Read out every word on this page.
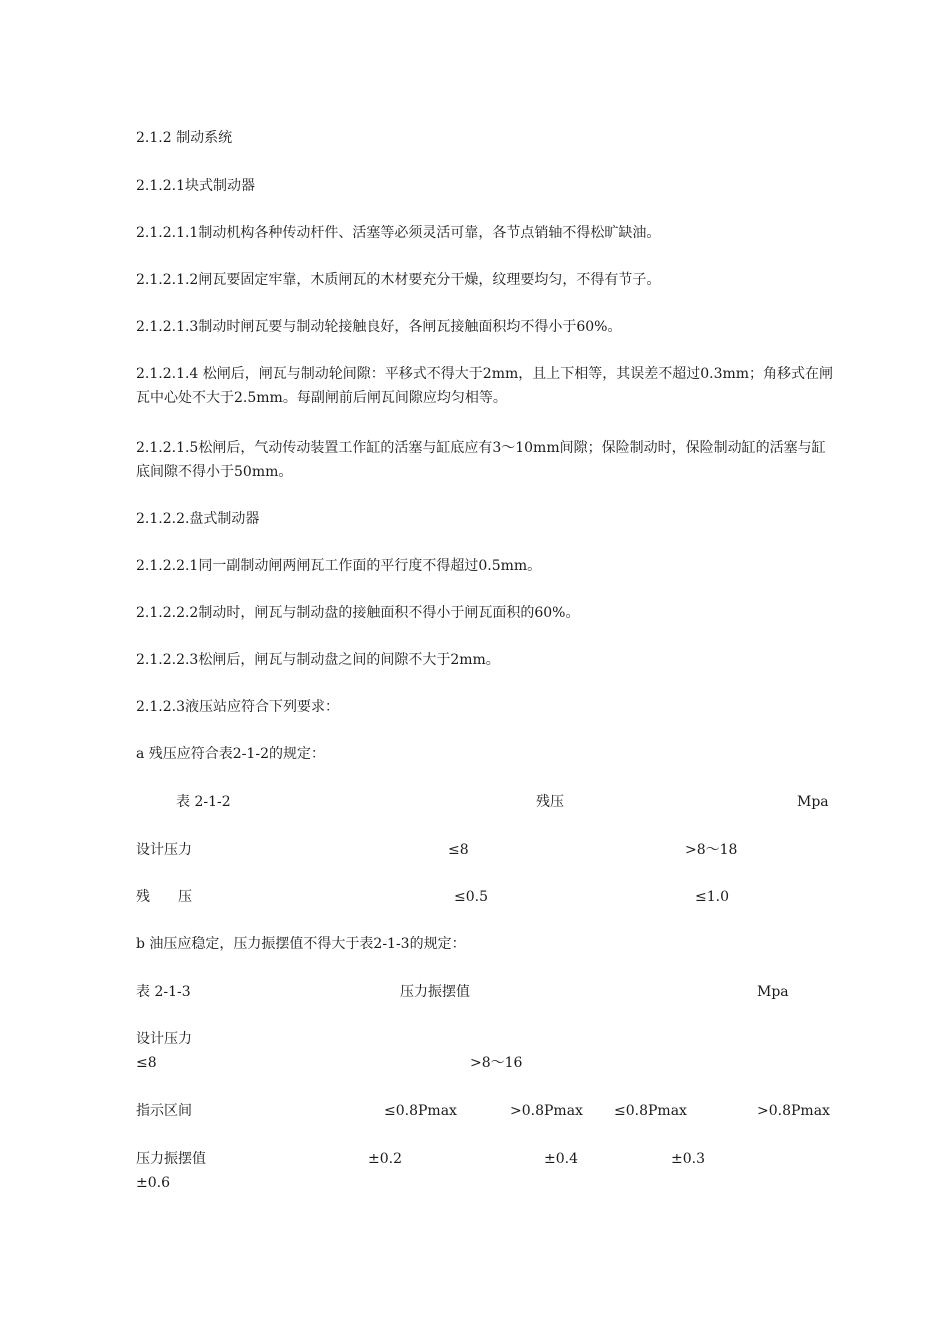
2.1.2 制动系统
2.1.2.1块式制动器
2.1.2.1.1制动机构各种传动杆件、活塞等必须灵活可靠，各节点销轴不得松旷缺油。
2.1.2.1.2闸瓦要固定牢靠，木质闸瓦的木材要充分干燥，纹理要均匀，不得有节子。
2.1.2.1.3制动时闸瓦要与制动轮接触良好，各闸瓦接触面积均不得小于60%。
2.1.2.1.4 松闸后，闸瓦与制动轮间隙：平移式不得大于2mm，且上下相等，其误差不超过0.3mm；角移式在闸瓦中心处不大于2.5mm。每副闸前后闸瓦间隙应均匀相等。
2.1.2.1.5松闸后，气动传动装置工作缸的活塞与缸底应有3～10mm间隙；保险制动时，保险制动缸的活塞与缸底间隙不得小于50mm。
2.1.2.2.盘式制动器
2.1.2.2.1同一副制动闸两闸瓦工作面的平行度不得超过0.5mm。
2.1.2.2.2制动时，闸瓦与制动盘的接触面积不得小于闸瓦面积的60%。
2.1.2.2.3松闸后，闸瓦与制动盘之间的间隙不大于2mm。
2.1.2.3液压站应符合下列要求：
a 残压应符合表2-1-2的规定：
表 2-1-2	残压	Mpa
设计压力	≤8	>8～18
残　　压	≤0.5	≤1.0
b 油压应稳定，压力振摆值不得大于表2-1-3的规定：
表 2-1-3	压力振摆值	Mpa
设计压力
≤8	>8～16
指示区间	≤0.8Pmax	>0.8Pmax ≤0.8Pmax	>0.8Pmax
压力振摆值	±0.2	±0.4	±0.3
±0.6
